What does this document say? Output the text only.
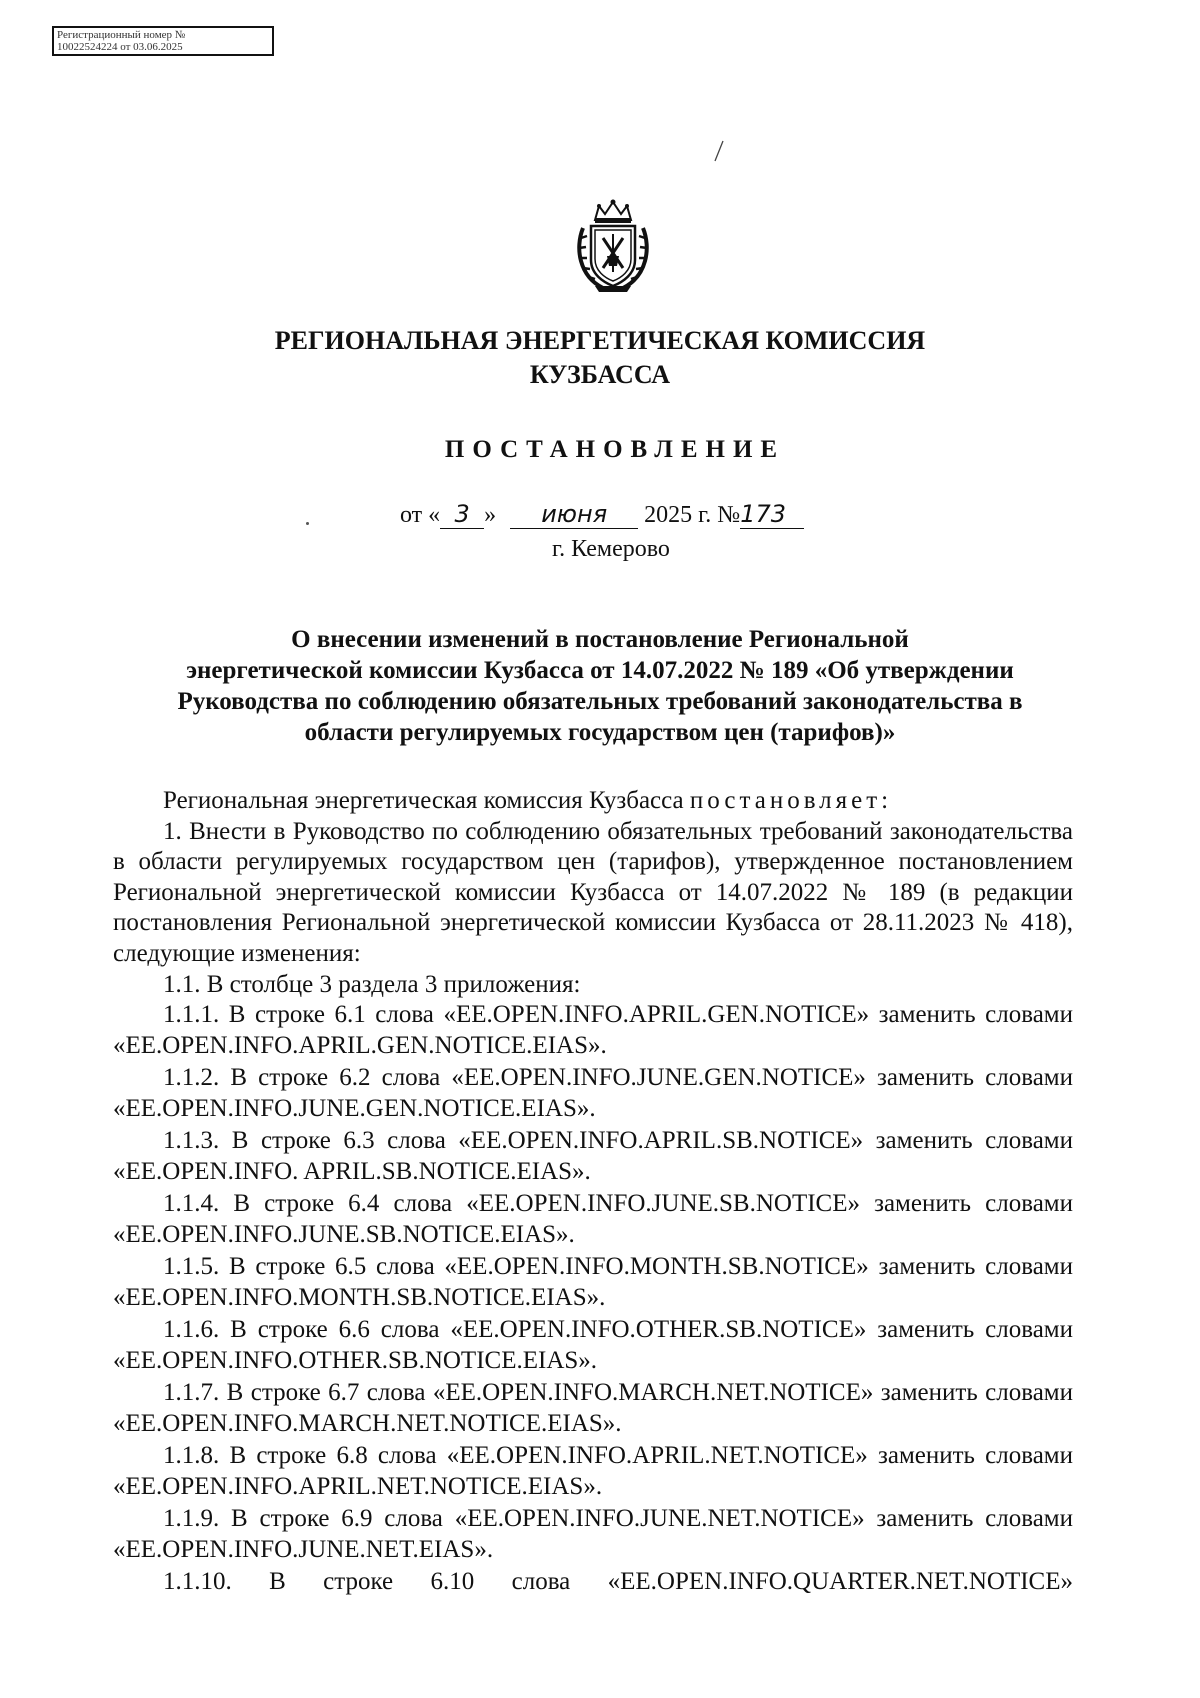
Регистрационный номер №
10022524224 от 03.06.2025
РЕГИОНАЛЬНАЯ ЭНЕРГЕТИЧЕСКАЯ КОМИССИЯ
КУЗБАССА
ПОСТАНОВЛЕНИЕ
от « 3 » июня 2025 г. №173
г. Кемерово
О внесении изменений в постановление Региональной
энергетической комиссии Кузбасса от 14.07.2022 № 189 «Об утверждении
Руководства по соблюдению обязательных требований законодательства в
области регулируемых государством цен (тарифов)»

Региональная энергетическая комиссия Кузбасса постановляет:

1. Внести в Руководство по соблюдению обязательных требований законодательства в области регулируемых государством цен (тарифов), утвержденное постановлением Региональной энергетической комиссии Кузбасса от 14.07.2022 № 189 (в редакции постановления Региональной энергетической комиссии Кузбасса от 28.11.2023 № 418), следующие изменения:

1.1. В столбце 3 раздела 3 приложения:

1.1.1. В строке 6.1 слова «EE.OPEN.INFO.APRIL.GEN.NOTICE» заменить словами «EE.OPEN.INFO.APRIL.GEN.NOTICE.EIAS».

1.1.2. В строке 6.2 слова «EE.OPEN.INFO.JUNE.GEN.NOTICE» заменить словами «EE.OPEN.INFO.JUNE.GEN.NOTICE.EIAS».

1.1.3. В строке 6.3 слова «EE.OPEN.INFO.APRIL.SB.NOTICE» заменить словами «EE.OPEN.INFO. APRIL.SB.NOTICE.EIAS».

1.1.4. В строке 6.4 слова «EE.OPEN.INFO.JUNE.SB.NOTICE» заменить словами «EE.OPEN.INFO.JUNE.SB.NOTICE.EIAS».

1.1.5. В строке 6.5 слова «EE.OPEN.INFO.MONTH.SB.NOTICE» заменить словами «EE.OPEN.INFO.MONTH.SB.NOTICE.EIAS».

1.1.6. В строке 6.6 слова «EE.OPEN.INFO.OTHER.SB.NOTICE» заменить словами «EE.OPEN.INFO.OTHER.SB.NOTICE.EIAS».

1.1.7. В строке 6.7 слова «EE.OPEN.INFO.MARCH.NET.NOTICE» заменить словами «EE.OPEN.INFO.MARCH.NET.NOTICE.EIAS».

1.1.8. В строке 6.8 слова «EE.OPEN.INFO.APRIL.NET.NOTICE» заменить словами «EE.OPEN.INFO.APRIL.NET.NOTICE.EIAS».

1.1.9. В строке 6.9 слова «EE.OPEN.INFO.JUNE.NET.NOTICE» заменить словами «EE.OPEN.INFO.JUNE.NET.EIAS».

1.1.10. В строке 6.10 слова «EE.OPEN.INFO.QUARTER.NET.NOTICE»
